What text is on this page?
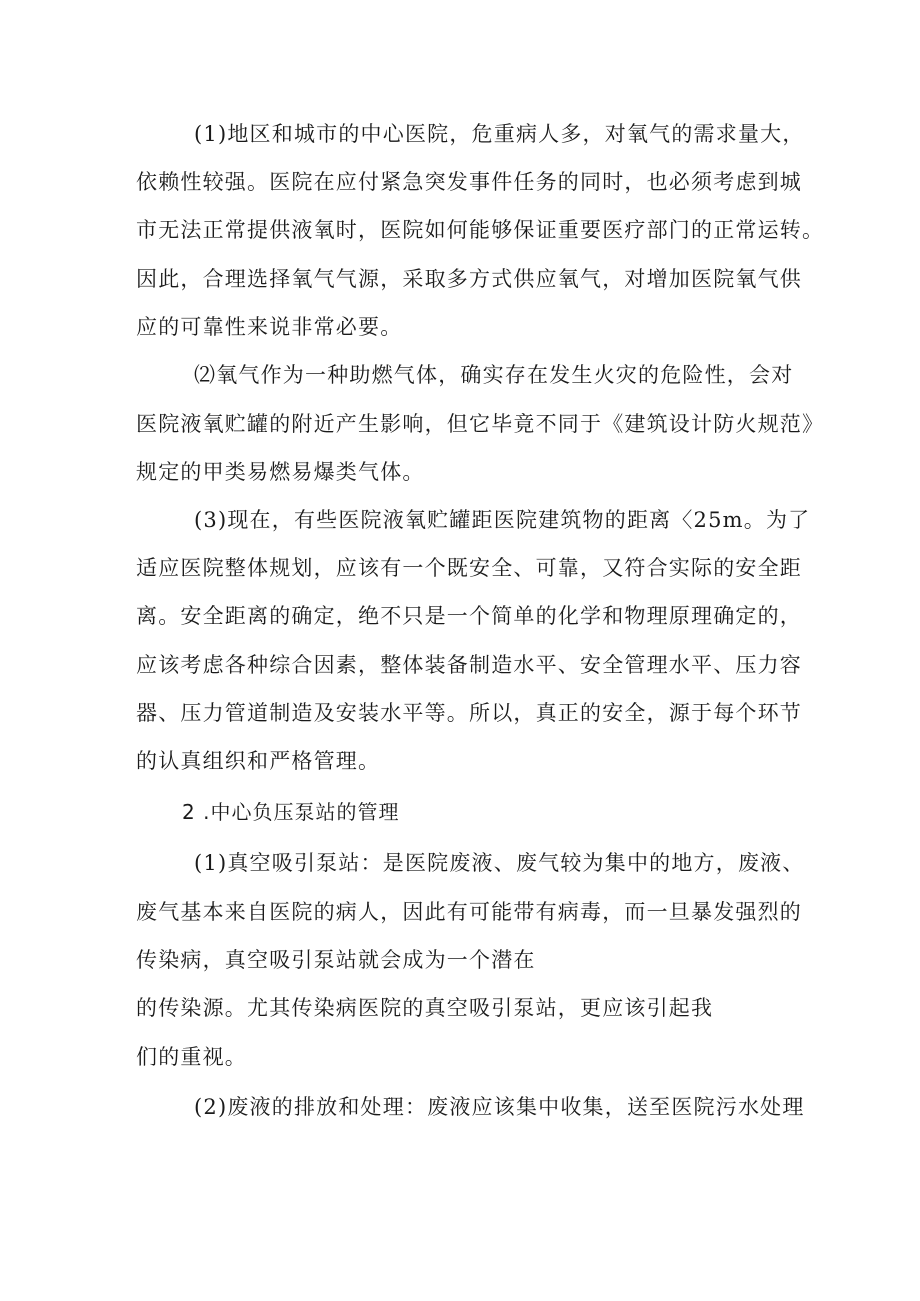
(1)地区和城市的中心医院，危重病人多，对氧气的需求量大，
依赖性较强。医院在应付紧急突发事件任务的同时，也必须考虑到城
市无法正常提供液氧时，医院如何能够保证重要医疗部门的正常运转。
因此，合理选择氧气气源，采取多方式供应氧气，对增加医院氧气供
应的可靠性来说非常必要。
⑵氧气作为一种助燃气体，确实存在发生火灾的危险性，会对
医院液氧贮罐的附近产生影响，但它毕竟不同于《建筑设计防火规范》
规定的甲类易燃易爆类气体。
(3)现在，有些医院液氧贮罐距医院建筑物的距离〈25m。为了
适应医院整体规划，应该有一个既安全、可靠，又符合实际的安全距
离。安全距离的确定，绝不只是一个简单的化学和物理原理确定的，
应该考虑各种综合因素，整体装备制造水平、安全管理水平、压力容
器、压力管道制造及安装水平等。所以，真正的安全，源于每个环节
的认真组织和严格管理。
2 .中心负压泵站的管理
(1)真空吸引泵站：是医院废液、废气较为集中的地方，废液、
废气基本来自医院的病人，因此有可能带有病毒，而一旦暴发强烈的
传染病，真空吸引泵站就会成为一个潜在
的传染源。尤其传染病医院的真空吸引泵站，更应该引起我
们的重视。
(2)废液的排放和处理：废液应该集中收集，送至医院污水处理
